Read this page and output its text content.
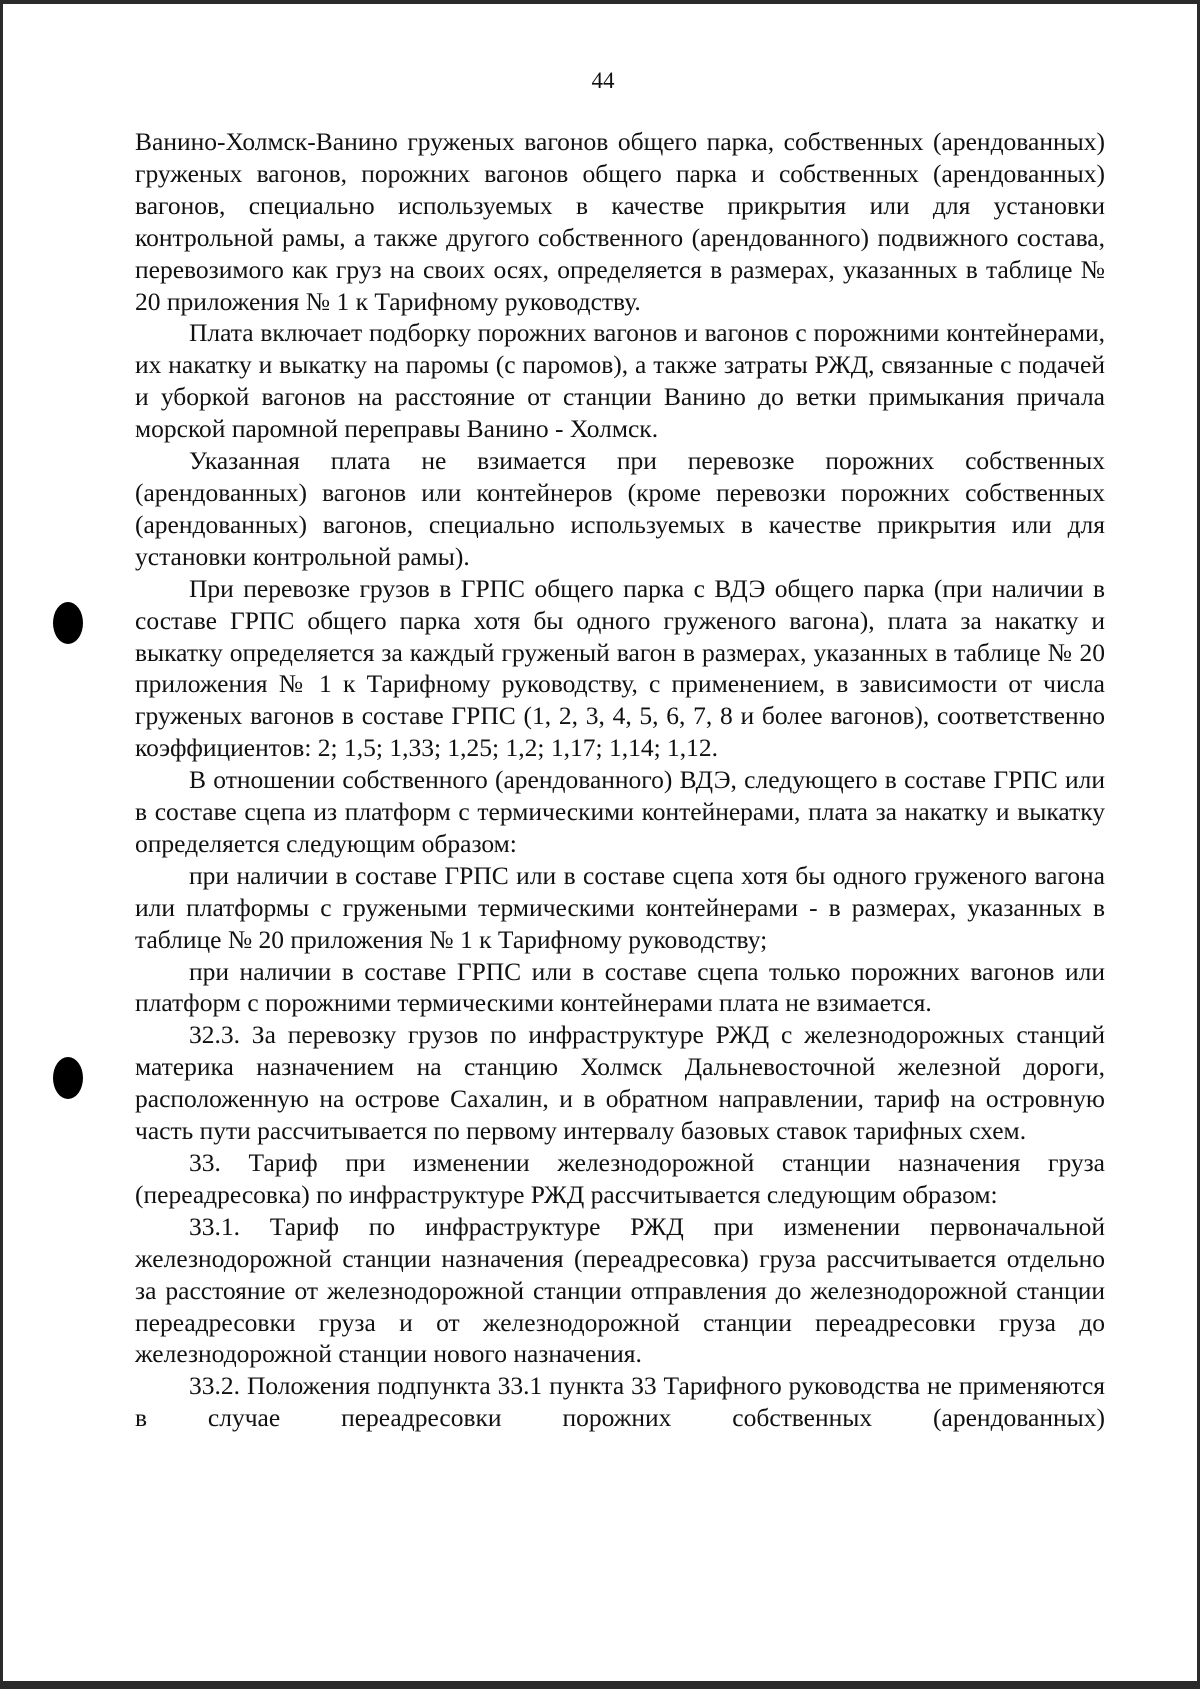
44

Ванино-Холмск-Ванино груженых вагонов общего парка, собственных (арендованных) груженых вагонов, порожних вагонов общего парка и собственных (арендованных) вагонов, специально используемых в качестве прикрытия или для установки контрольной рамы, а также другого собственного (арендованного) подвижного состава, перевозимого как груз на своих осях, определяется в размерах, указанных в таблице № 20 приложения № 1 к Тарифному руководству.

Плата включает подборку порожних вагонов и вагонов с порожними контейнерами, их накатку и выкатку на паромы (с паромов), а также затраты РЖД, связанные с подачей и уборкой вагонов на расстояние от станции Ванино до ветки примыкания причала морской паромной переправы Ванино - Холмск.

Указанная плата не взимается при перевозке порожних собственных (арендованных) вагонов или контейнеров (кроме перевозки порожних собственных (арендованных) вагонов, специально используемых в качестве прикрытия или для установки контрольной рамы).

При перевозке грузов в ГРПС общего парка с ВДЭ общего парка (при наличии в составе ГРПС общего парка хотя бы одного груженого вагона), плата за накатку и выкатку определяется за каждый груженый вагон в размерах, указанных в таблице № 20 приложения № 1 к Тарифному руководству, с применением, в зависимости от числа груженых вагонов в составе ГРПС (1, 2, 3, 4, 5, 6, 7, 8 и более вагонов), соответственно коэффициентов: 2; 1,5; 1,33; 1,25; 1,2; 1,17; 1,14; 1,12.

В отношении собственного (арендованного) ВДЭ, следующего в составе ГРПС или в составе сцепа из платформ с термическими контейнерами, плата за накатку и выкатку определяется следующим образом:

при наличии в составе ГРПС или в составе сцепа хотя бы одного груженого вагона или платформы с гружеными термическими контейнерами - в размерах, указанных в таблице № 20 приложения № 1 к Тарифному руководству;

при наличии в составе ГРПС или в составе сцепа только порожних вагонов или платформ с порожними термическими контейнерами плата не взимается.

32.3. За перевозку грузов по инфраструктуре РЖД с железнодорожных станций материка назначением на станцию Холмск Дальневосточной железной дороги, расположенную на острове Сахалин, и в обратном направлении, тариф на островную часть пути рассчитывается по первому интервалу базовых ставок тарифных схем.

33. Тариф при изменении железнодорожной станции назначения груза (переадресовка) по инфраструктуре РЖД рассчитывается следующим образом:

33.1. Тариф по инфраструктуре РЖД при изменении первоначальной железнодорожной станции назначения (переадресовка) груза рассчитывается отдельно за расстояние от железнодорожной станции отправления до железнодорожной станции переадресовки груза и от железнодорожной станции переадресовки груза до железнодорожной станции нового назначения.

33.2. Положения подпункта 33.1 пункта 33 Тарифного руководства не применяются в случае переадресовки порожних собственных (арендованных)
